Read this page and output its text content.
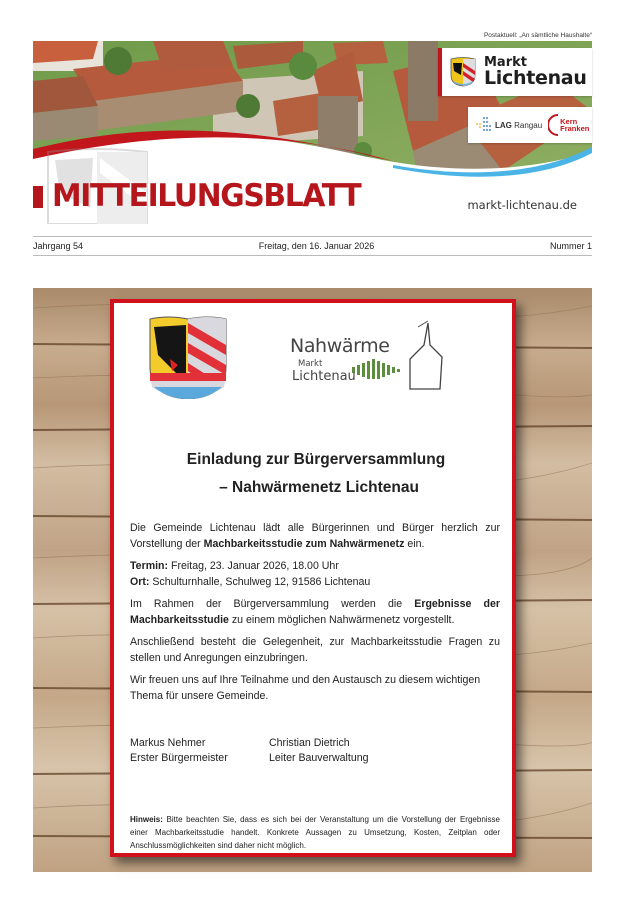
Postaktuell: „An sämtliche Haushalte“
Markt
Lichtenau
LAG Rangau Kern
Franken
MITTEILUNGSBLATT	markt-lichtenau.de
Jahrgang 54	Freitag, den 16. Januar 2026	Nummer 1
Nahwärme
Markt
Lichtenau
Einladung zur Bürgerversammlung
– Nahwärmenetz Lichtenau

Die Gemeinde Lichtenau lädt alle Bürgerinnen und Bürger herzlich zur Vorstellung der Machbarkeitsstudie zum Nahwärmenetz ein.

Termin: Freitag, 23. Januar 2026, 18.00 Uhr

Ort: Schulturnhalle, Schulweg 12, 91586 Lichtenau

Im Rahmen der Bürgerversammlung werden die Ergebnisse der Machbarkeitsstudie zu einem möglichen Nahwärmenetz vorgestellt.

Anschließend besteht die Gelegenheit, zur Machbarkeitsstudie Fragen zu stellen und Anregungen einzubringen.

Wir freuen uns auf Ihre Teilnahme und den Austausch zu diesem wichtigen Thema für unsere Gemeinde.

Markus Nehmer	Christian Dietrich
Erster Bürgermeister	Leiter Bauverwaltung
Hinweis: Bitte beachten Sie, dass es sich bei der Veranstaltung um die Vorstellung der Ergebnisse einer Machbarkeitsstudie handelt. Konkrete Aussagen zu Umsetzung, Kosten, Zeitplan oder Anschlussmöglichkeiten sind daher nicht möglich.
